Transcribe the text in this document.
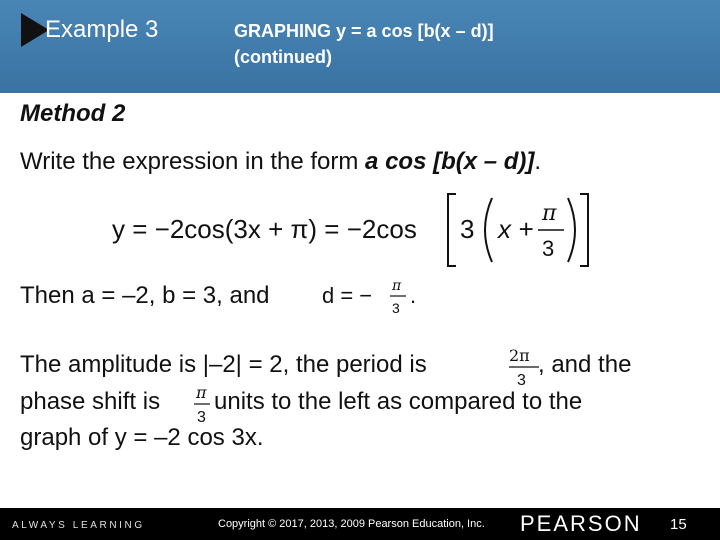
Example 3	GRAPHING y = a cos [b(x – d)]
(continued)
Method 2
Write the expression in the form a cos [b(x – d)].
y = −2cos(3x + π) = −2cos 3 x +
π
3
Then a = –2, b = 3, and d = − π
3 .
The amplitude is |–2| = 2, the period is	2π
3
, and the
phase shift is π
3
units to the left as compared to the
graph of y = –2 cos 3x.
ALWAYS LEARNING	Copyright © 2017, 2013, 2009 Pearson Education, Inc. PEARSON 15
